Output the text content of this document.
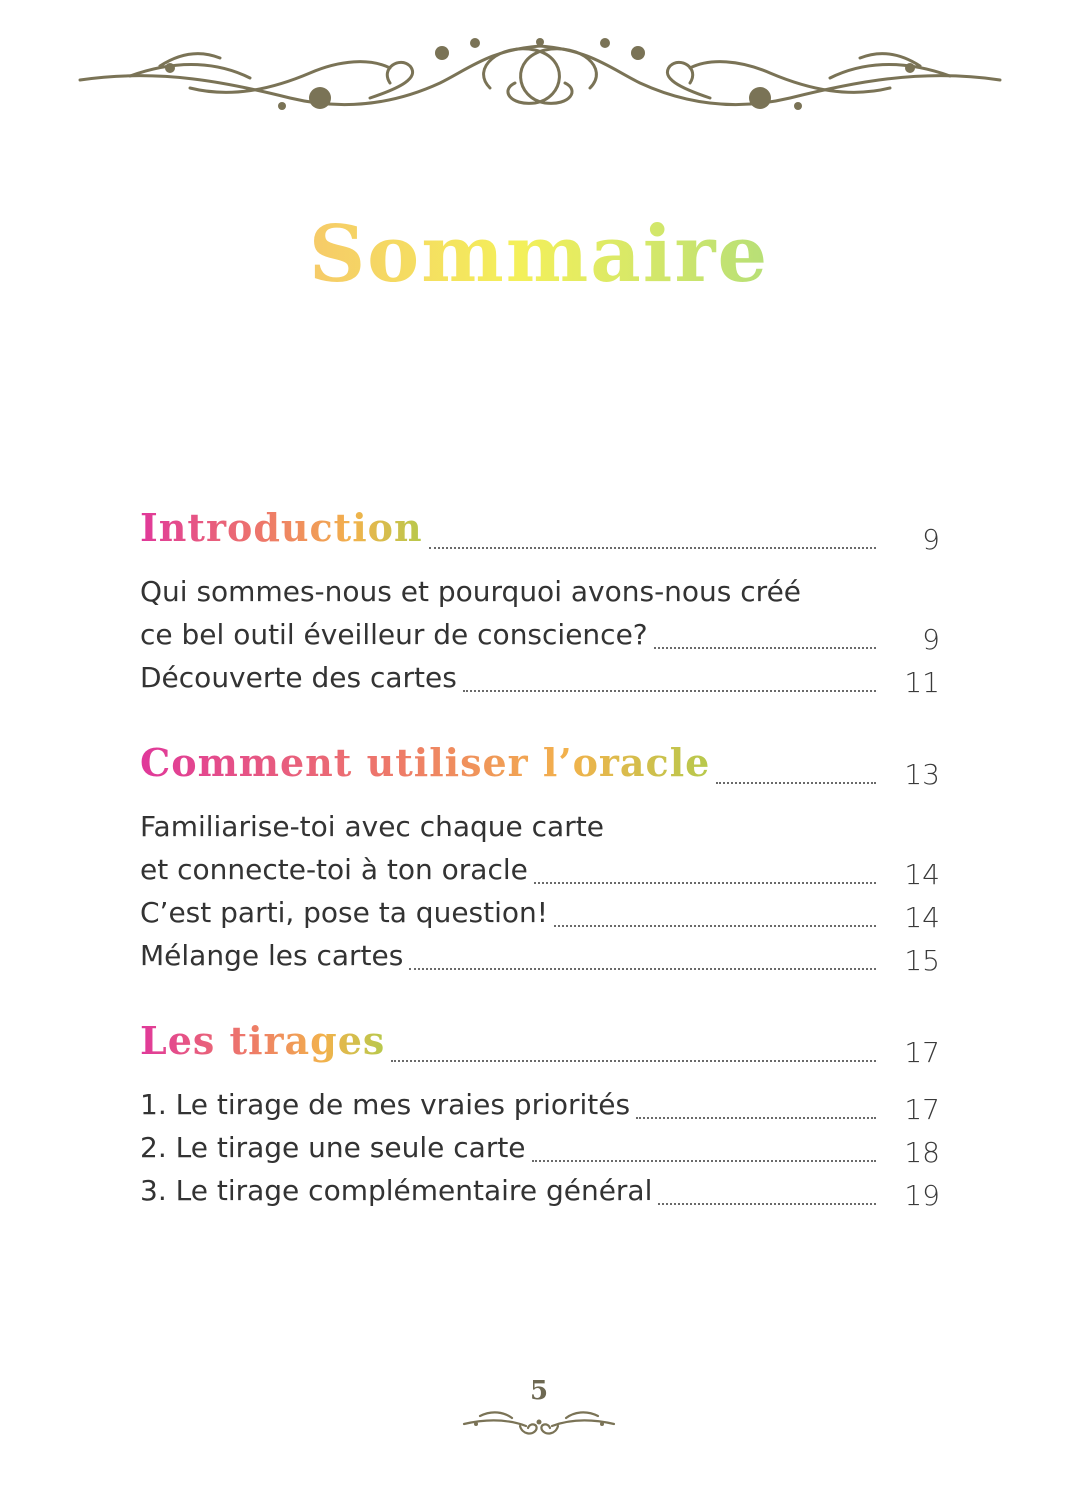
Sommaire
Introduction	9
Qui sommes-nous et pourquoi avons-nous créé
ce bel outil éveilleur de conscience?	9
Découverte des cartes	11
Comment utiliser l’oracle	13
Familiarise-toi avec chaque carte
et connecte-toi à ton oracle	14
C’est parti, pose ta question!	14
Mélange les cartes	15
Les tirages	17
1. Le tirage de mes vraies priorités	17
2. Le tirage une seule carte	18
3. Le tirage complémentaire général	19
5
